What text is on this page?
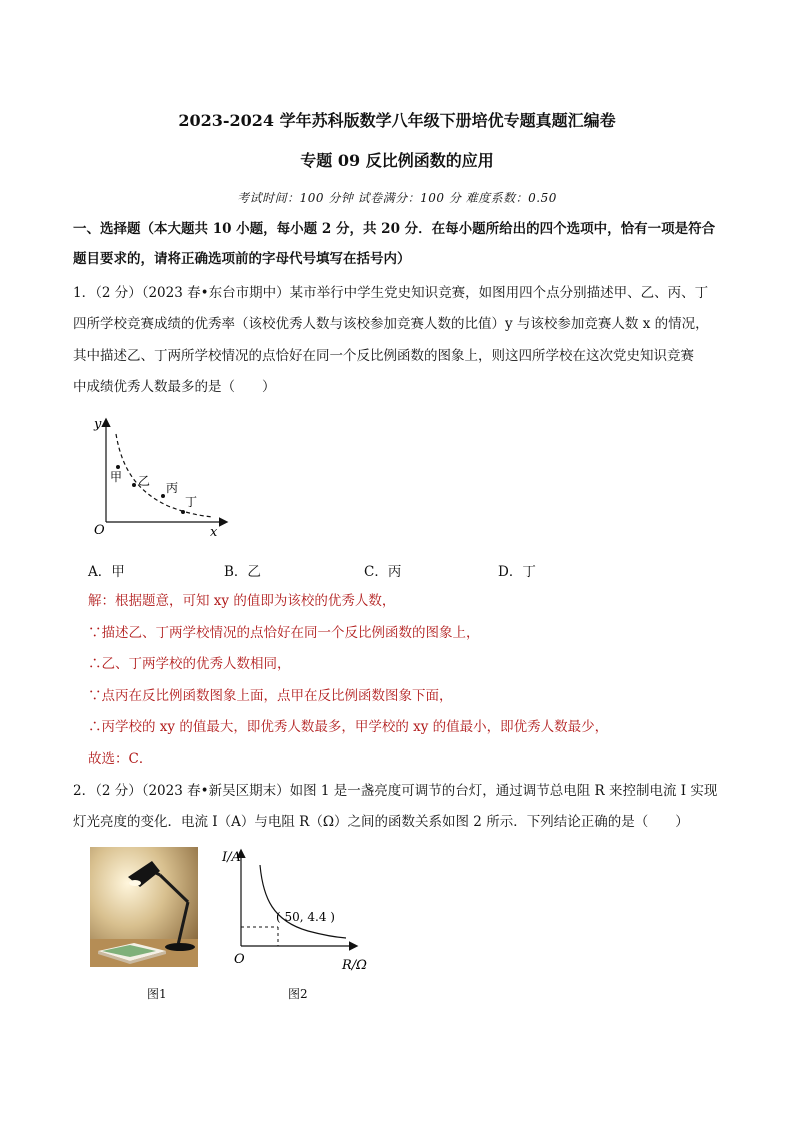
2023-2024 学年苏科版数学八年级下册培优专题真题汇编卷
专题 09 反比例函数的应用
考试时间：100 分钟 试卷满分：100 分 难度系数：0.50
一、选择题（本大题共 10 小题，每小题 2 分，共 20 分．在每小题所给出的四个选项中，恰有一项是符合
题目要求的，请将正确选项前的字母代号填写在括号内）
1．（2 分）（2023 春•东台市期中）某市举行中学生党史知识竞赛，如图用四个点分别描述甲、乙、丙、丁
四所学校竞赛成绩的优秀率（该校优秀人数与该校参加竞赛人数的比值）y 与该校参加竞赛人数 x 的情况，
其中描述乙、丁两所学校情况的点恰好在同一个反比例函数的图象上，则这四所学校在这次党史知识竞赛
中成绩优秀人数最多的是（　　）
y
x
O
甲 乙 丙
丁
A．甲	B．乙	C．丙	D．丁
解：根据题意，可知 xy 的值即为该校的优秀人数，
∵描述乙、丁两学校情况的点恰好在同一个反比例函数的图象上，
∴乙、丁两学校的优秀人数相同，
∵点丙在反比例函数图象上面，点甲在反比例函数图象下面，
∴丙学校的 xy 的值最大，即优秀人数最多，甲学校的 xy 的值最小，即优秀人数最少，
故选：C．
2．（2 分）（2023 春•新吴区期末）如图 1 是一盏亮度可调节的台灯，通过调节总电阻 R 来控制电流 I 实现
灯光亮度的变化．电流 I（A）与电阻 R（Ω）之间的函数关系如图 2 所示．下列结论正确的是（　　）
I/A
R/Ω
O
( 50, 4.4 )
图1	图2
